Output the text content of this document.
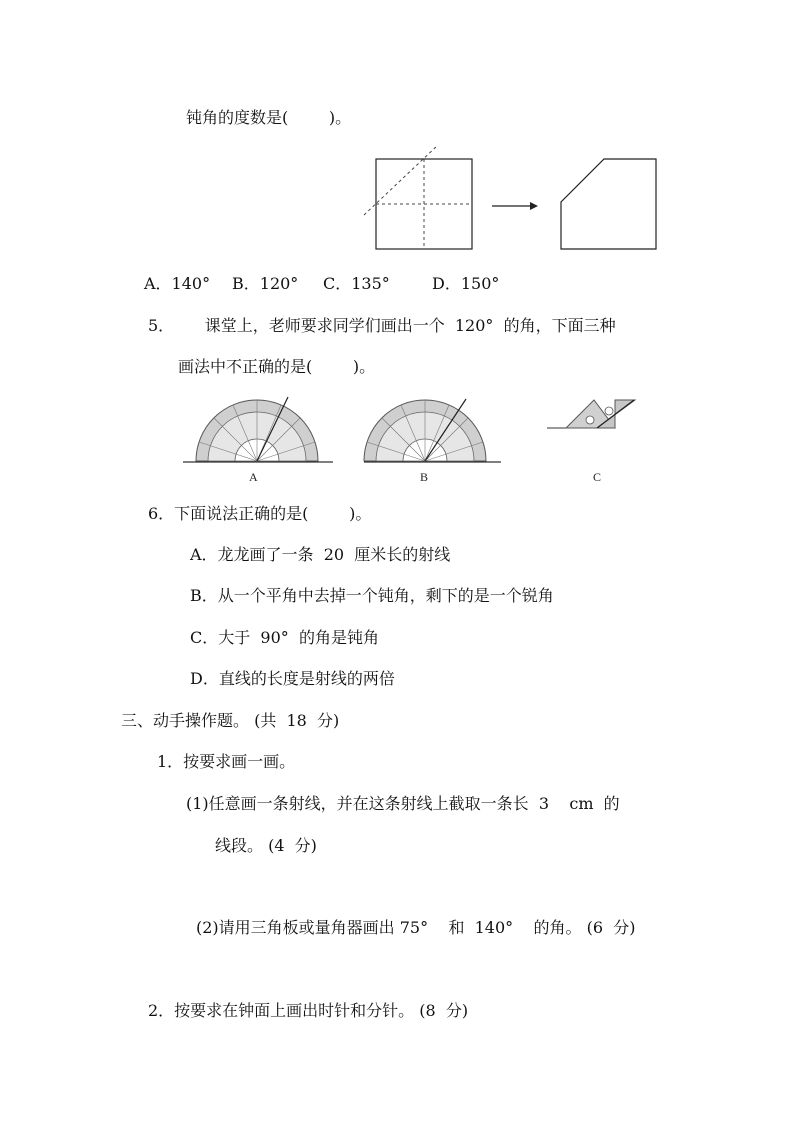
钝角的度数是(        )。
A．140° B．120° C．135°	D．150°
5．      课堂上，老师要求同学们画出一个  120°  的角，下面三种
画法中不正确的是(        )。
A	B	C
6．下面说法正确的是(        )。
A．龙龙画了一条  20  厘米长的射线
B．从一个平角中去掉一个钝角，剩下的是一个锐角
C．大于  90°  的角是钝角
D．直线的长度是射线的两倍
三、动手操作题。 (共  18  分)
1．按要求画一画。
(1)任意画一条射线，并在这条射线上截取一条长  3    cm  的
线段。 (4  分)
(2)请用三角板或量角器画出 75°    和  140°    的角。 (6  分)
2．按要求在钟面上画出时针和分针。 (8  分)
